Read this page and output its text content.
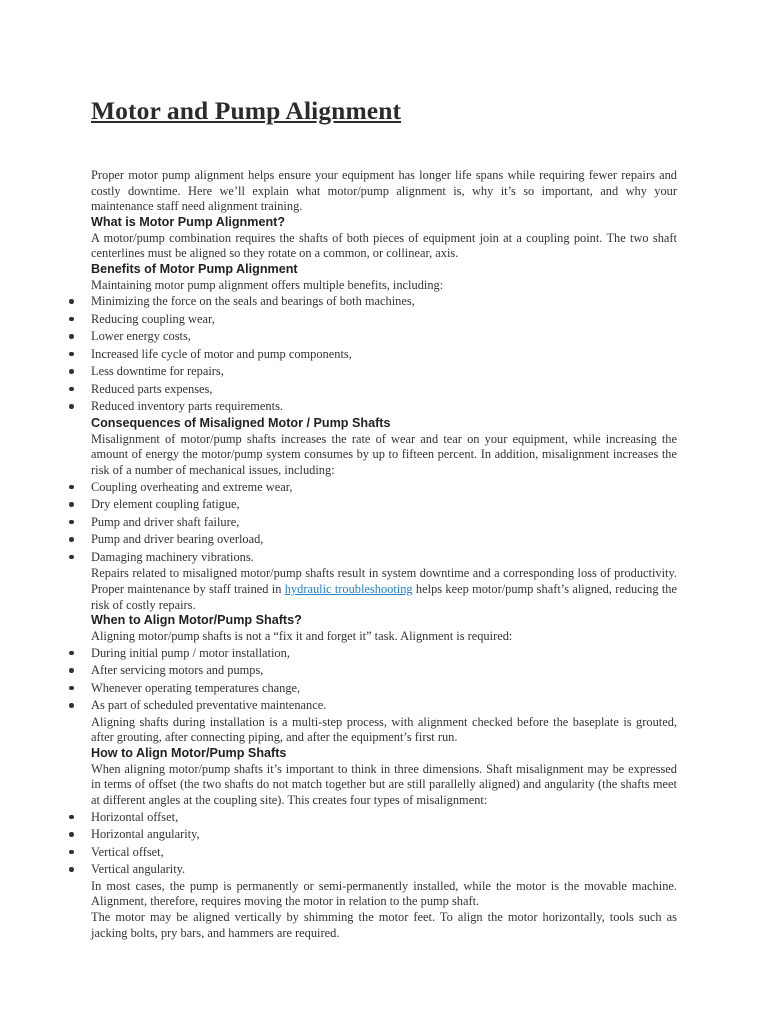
Motor and Pump Alignment

Proper motor pump alignment helps ensure your equipment has longer life spans while requiring fewer repairs and costly downtime. Here we’ll explain what motor/pump alignment is, why it’s so important, and why your maintenance staff need alignment training.

What is Motor Pump Alignment?

A motor/pump combination requires the shafts of both pieces of equipment join at a coupling point. The two shaft centerlines must be aligned so they rotate on a common, or collinear, axis.

Benefits of Motor Pump Alignment

Maintaining motor pump alignment offers multiple benefits, including:

Minimizing the force on the seals and bearings of both machines,
Reducing coupling wear,
Lower energy costs,
Increased life cycle of motor and pump components,
Less downtime for repairs,
Reduced parts expenses,
Reduced inventory parts requirements.
Consequences of Misaligned Motor / Pump Shafts

Misalignment of motor/pump shafts increases the rate of wear and tear on your equipment, while increasing the amount of energy the motor/pump system consumes by up to fifteen percent. In addition, misalignment increases the risk of a number of mechanical issues, including:

Coupling overheating and extreme wear,
Dry element coupling fatigue,
Pump and driver shaft failure,
Pump and driver bearing overload,
Damaging machinery vibrations.

Repairs related to misaligned motor/pump shafts result in system downtime and a corresponding loss of productivity. Proper maintenance by staff trained in hydraulic troubleshooting helps keep motor/pump shaft’s aligned, reducing the risk of costly repairs.

When to Align Motor/Pump Shafts?

Aligning motor/pump shafts is not a “fix it and forget it” task. Alignment is required:

During initial pump / motor installation,
After servicing motors and pumps,
Whenever operating temperatures change,
As part of scheduled preventative maintenance.

Aligning shafts during installation is a multi-step process, with alignment checked before the baseplate is grouted, after grouting, after connecting piping, and after the equipment’s first run.

How to Align Motor/Pump Shafts

When aligning motor/pump shafts it’s important to think in three dimensions. Shaft misalignment may be expressed in terms of offset (the two shafts do not match together but are still parallelly aligned) and angularity (the shafts meet at different angles at the coupling site). This creates four types of misalignment:

Horizontal offset,
Horizontal angularity,
Vertical offset,
Vertical angularity.

In most cases, the pump is permanently or semi-permanently installed, while the motor is the movable machine. Alignment, therefore, requires moving the motor in relation to the pump shaft.

The motor may be aligned vertically by shimming the motor feet. To align the motor horizontally, tools such as jacking bolts, pry bars, and hammers are required.
